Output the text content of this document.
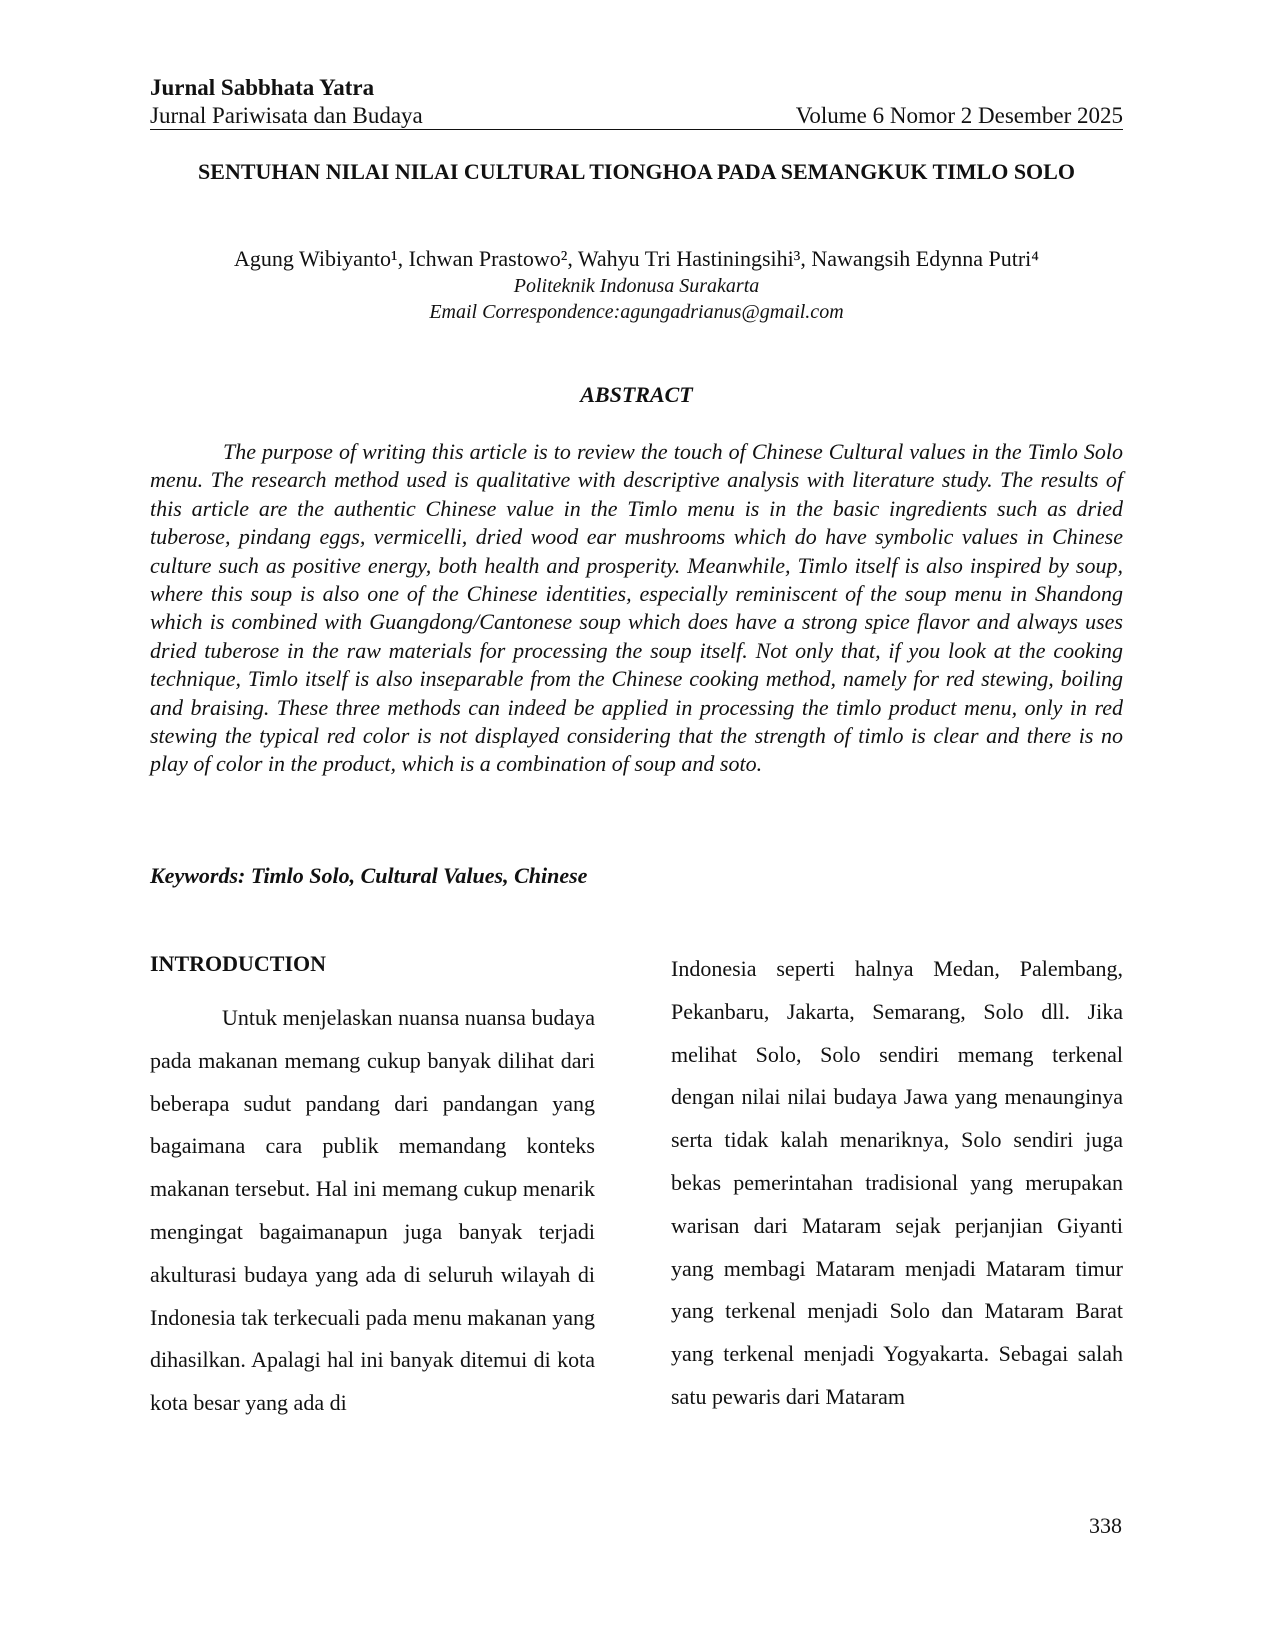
Jurnal Sabbhata Yatra
Jurnal Pariwisata dan Budaya	Volume 6 Nomor 2 Desember 2025
SENTUHAN NILAI NILAI CULTURAL TIONGHOA PADA SEMANGKUK TIMLO SOLO
Agung Wibiyanto¹, Ichwan Prastowo², Wahyu Tri Hastiningsihi³, Nawangsih Edynna Putri⁴
Politeknik Indonusa Surakarta
Email Correspondence:agungadrianus@gmail.com
ABSTRACT

The purpose of writing this article is to review the touch of Chinese Cultural values in the Timlo Solo menu. The research method used is qualitative with descriptive analysis with literature study. The results of this article are the authentic Chinese value in the Timlo menu is in the basic ingredients such as dried tuberose, pindang eggs, vermicelli, dried wood ear mushrooms which do have symbolic values in Chinese culture such as positive energy, both health and prosperity. Meanwhile, Timlo itself is also inspired by soup, where this soup is also one of the Chinese identities, especially reminiscent of the soup menu in Shandong which is combined with Guangdong/Cantonese soup which does have a strong spice flavor and always uses dried tuberose in the raw materials for processing the soup itself. Not only that, if you look at the cooking technique, Timlo itself is also inseparable from the Chinese cooking method, namely for red stewing, boiling and braising. These three methods can indeed be applied in processing the timlo product menu, only in red stewing the typical red color is not displayed considering that the strength of timlo is clear and there is no play of color in the product, which is a combination of soup and soto.

Keywords: Timlo Solo, Cultural Values, Chinese
INTRODUCTION

Untuk menjelaskan nuansa nuansa budaya pada makanan memang cukup banyak dilihat dari beberapa sudut pandang dari pandangan yang bagaimana cara publik memandang konteks makanan tersebut. Hal ini memang cukup menarik mengingat bagaimanapun juga banyak terjadi akulturasi budaya yang ada di seluruh wilayah di Indonesia tak terkecuali pada menu makanan yang dihasilkan. Apalagi hal ini banyak ditemui di kota kota besar yang ada di

Indonesia seperti halnya Medan, Palembang, Pekanbaru, Jakarta, Semarang, Solo dll. Jika melihat Solo, Solo sendiri memang terkenal dengan nilai nilai budaya Jawa yang menaunginya serta tidak kalah menariknya, Solo sendiri juga bekas pemerintahan tradisional yang merupakan warisan dari Mataram sejak perjanjian Giyanti yang membagi Mataram menjadi Mataram timur yang terkenal menjadi Solo dan Mataram Barat yang terkenal menjadi Yogyakarta. Sebagai salah satu pewaris dari Mataram

338
